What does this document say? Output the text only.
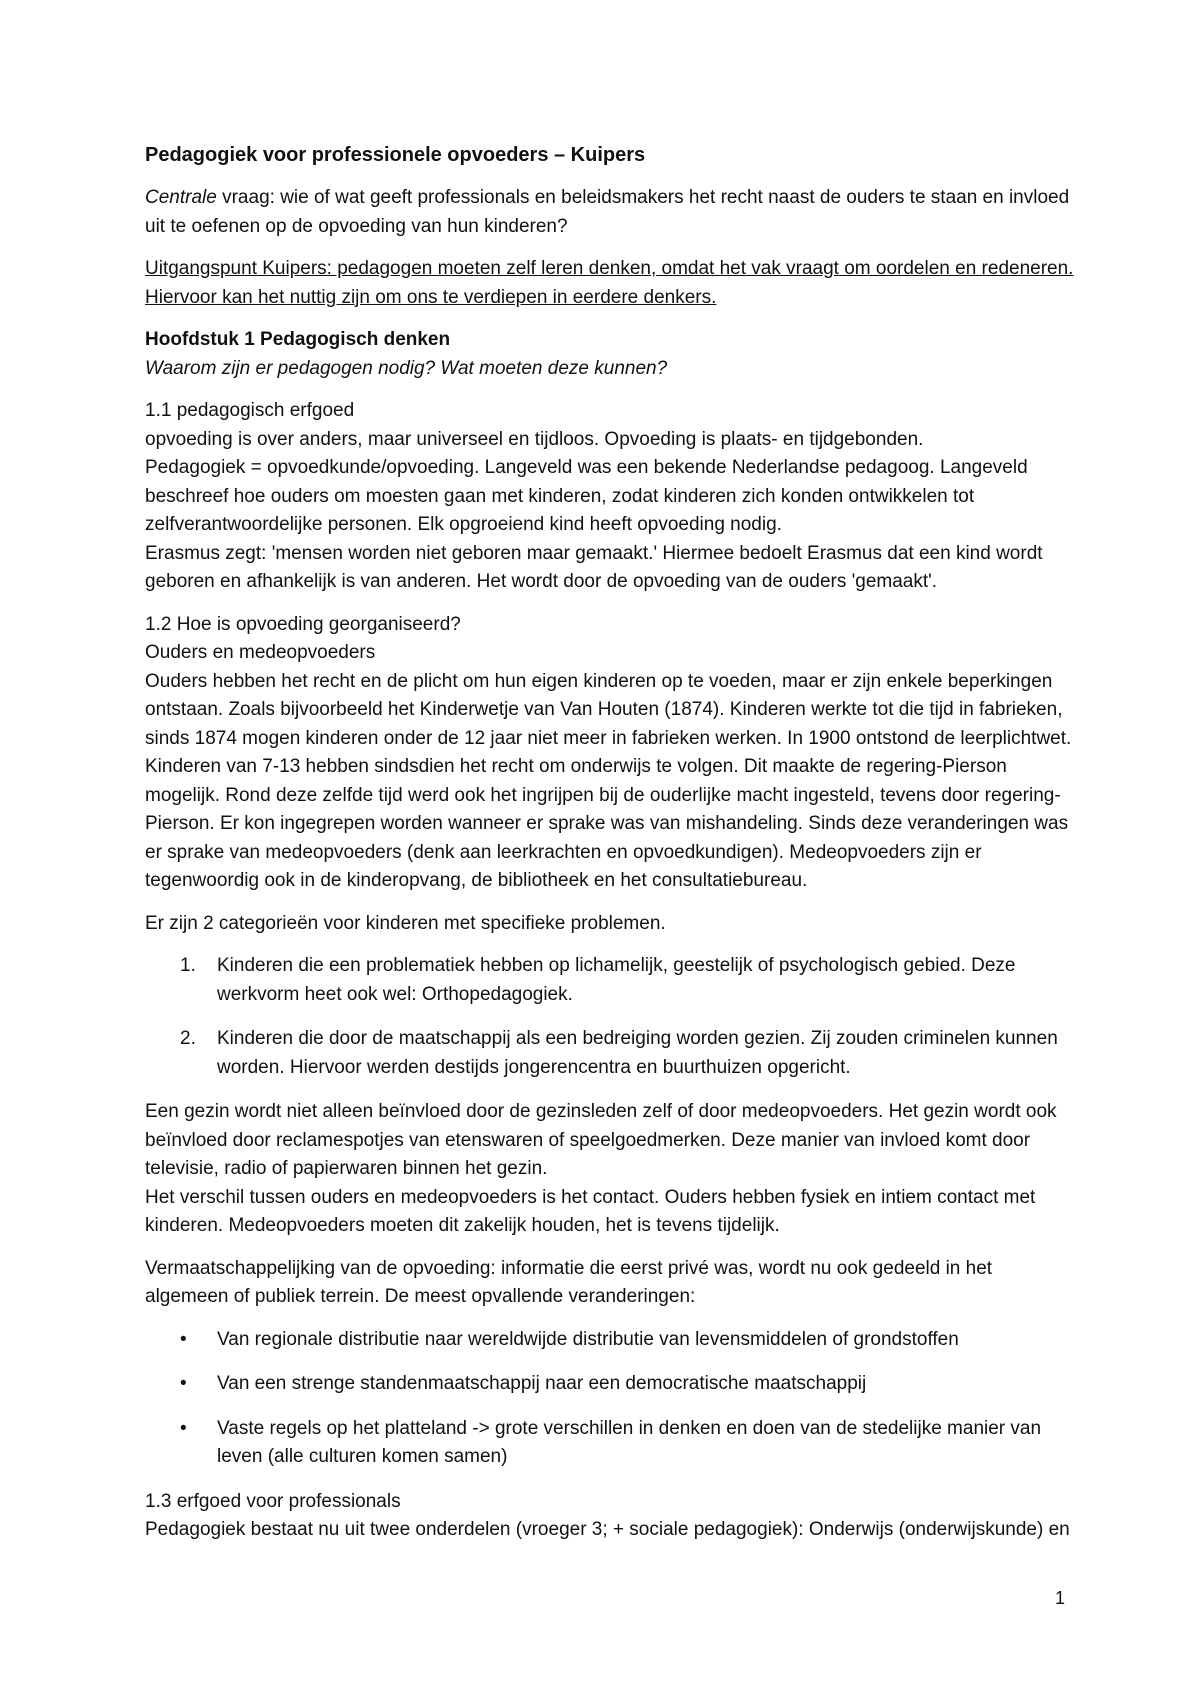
Pedagogiek voor professionele opvoeders – Kuipers

Centrale vraag: wie of wat geeft professionals en beleidsmakers het recht naast de ouders te staan en invloed uit te oefenen op de opvoeding van hun kinderen?

Uitgangspunt Kuipers: pedagogen moeten zelf leren denken, omdat het vak vraagt om oordelen en redeneren. Hiervoor kan het nuttig zijn om ons te verdiepen in eerdere denkers.

Hoofdstuk 1 Pedagogisch denken
Waarom zijn er pedagogen nodig? Wat moeten deze kunnen?
1.1 pedagogisch erfgoed
opvoeding is over anders, maar universeel en tijdloos. Opvoeding is plaats- en tijdgebonden.
Pedagogiek = opvoedkunde/opvoeding. Langeveld was een bekende Nederlandse pedagoog. Langeveld beschreef hoe ouders om moesten gaan met kinderen, zodat kinderen zich konden ontwikkelen tot zelfverantwoordelijke personen. Elk opgroeiend kind heeft opvoeding nodig.
Erasmus zegt: 'mensen worden niet geboren maar gemaakt.' Hiermee bedoelt Erasmus dat een kind wordt geboren en afhankelijk is van anderen. Het wordt door de opvoeding van de ouders 'gemaakt'.
1.2 Hoe is opvoeding georganiseerd?
Ouders en medeopvoeders
Ouders hebben het recht en de plicht om hun eigen kinderen op te voeden, maar er zijn enkele beperkingen ontstaan. Zoals bijvoorbeeld het Kinderwetje van Van Houten (1874). Kinderen werkte tot die tijd in fabrieken, sinds 1874 mogen kinderen onder de 12 jaar niet meer in fabrieken werken. In 1900 ontstond de leerplichtwet. Kinderen van 7-13 hebben sindsdien het recht om onderwijs te volgen. Dit maakte de regering-Pierson mogelijk. Rond deze zelfde tijd werd ook het ingrijpen bij de ouderlijke macht ingesteld, tevens door regering-Pierson. Er kon ingegrepen worden wanneer er sprake was van mishandeling. Sinds deze veranderingen was er sprake van medeopvoeders (denk aan leerkrachten en opvoedkundigen). Medeopvoeders zijn er tegenwoordig ook in de kinderopvang, de bibliotheek en het consultatiebureau.

Er zijn 2 categorieën voor kinderen met specifieke problemen.

1. Kinderen die een problematiek hebben op lichamelijk, geestelijk of psychologisch gebied. Deze werkvorm heet ook wel: Orthopedagogiek.
2. Kinderen die door de maatschappij als een bedreiging worden gezien. Zij zouden criminelen kunnen worden. Hiervoor werden destijds jongerencentra en buurthuizen opgericht.
Een gezin wordt niet alleen beïnvloed door de gezinsleden zelf of door medeopvoeders. Het gezin wordt ook beïnvloed door reclamespotjes van etenswaren of speelgoedmerken. Deze manier van invloed komt door televisie, radio of papierwaren binnen het gezin.
Het verschil tussen ouders en medeopvoeders is het contact. Ouders hebben fysiek en intiem contact met kinderen. Medeopvoeders moeten dit zakelijk houden, het is tevens tijdelijk.

Vermaatschappelijking van de opvoeding: informatie die eerst privé was, wordt nu ook gedeeld in het algemeen of publiek terrein. De meest opvallende veranderingen:

• Van regionale distributie naar wereldwijde distributie van levensmiddelen of grondstoffen
• Van een strenge standenmaatschappij naar een democratische maatschappij
• Vaste regels op het platteland -> grote verschillen in denken en doen van de stedelijke manier van leven (alle culturen komen samen)
1.3 erfgoed voor professionals
Pedagogiek bestaat nu uit twee onderdelen (vroeger 3; + sociale pedagogiek): Onderwijs (onderwijskunde) en
1
